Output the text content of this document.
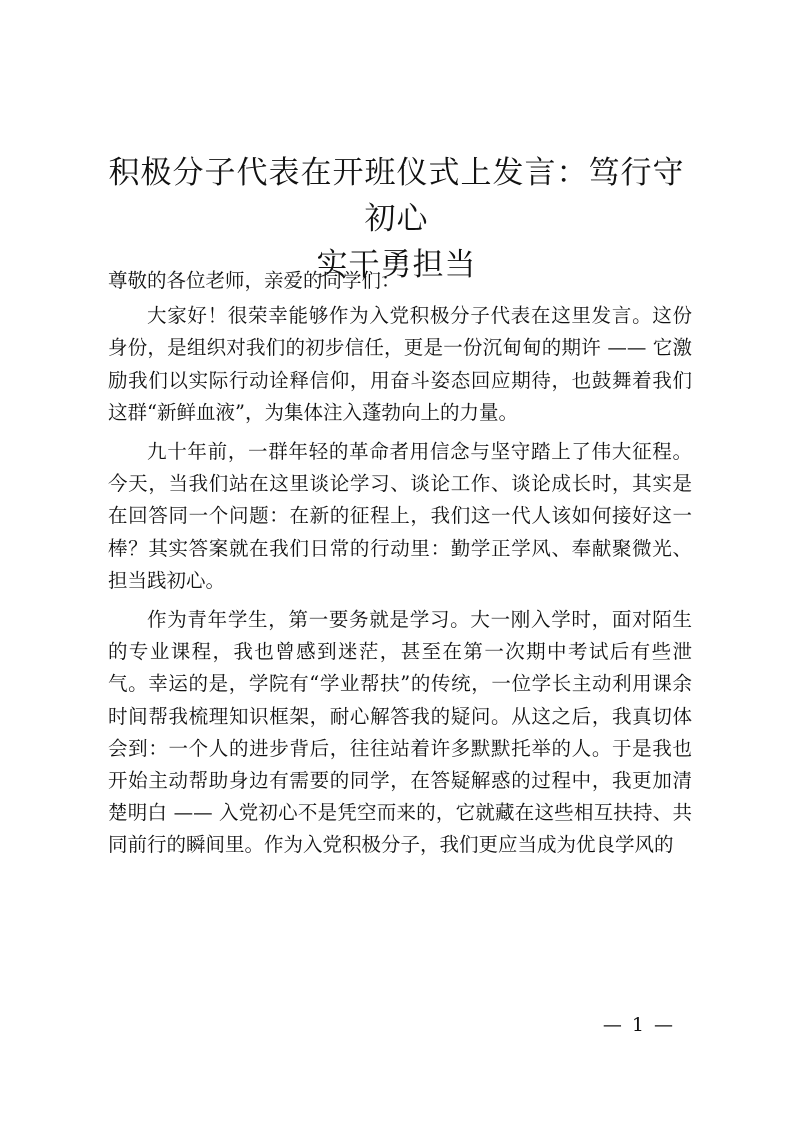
积极分子代表在开班仪式上发言：笃行守初心
实干勇担当

尊敬的各位老师，亲爱的同学们：

大家好！很荣幸能够作为入党积极分子代表在这里发言。这份身份，是组织对我们的初步信任，更是一份沉甸甸的期许 —— 它激励我们以实际行动诠释信仰，用奋斗姿态回应期待，也鼓舞着我们这群“新鲜血液”，为集体注入蓬勃向上的力量。

九十年前，一群年轻的革命者用信念与坚守踏上了伟大征程。今天，当我们站在这里谈论学习、谈论工作、谈论成长时，其实是在回答同一个问题：在新的征程上，我们这一代人该如何接好这一棒？其实答案就在我们日常的行动里：勤学正学风、奉献聚微光、担当践初心。

作为青年学生，第一要务就是学习。大一刚入学时，面对陌生的专业课程，我也曾感到迷茫，甚至在第一次期中考试后有些泄气。幸运的是，学院有“学业帮扶”的传统，一位学长主动利用课余时间帮我梳理知识框架，耐心解答我的疑问。从这之后，我真切体会到：一个人的进步背后，往往站着许多默默托举的人。于是我也开始主动帮助身边有需要的同学，在答疑解惑的过程中，我更加清楚明白 —— 入党初心不是凭空而来的，它就藏在这些相互扶持、共同前行的瞬间里。作为入党积极分子，我们更应当成为优良学风的

— 1 —
